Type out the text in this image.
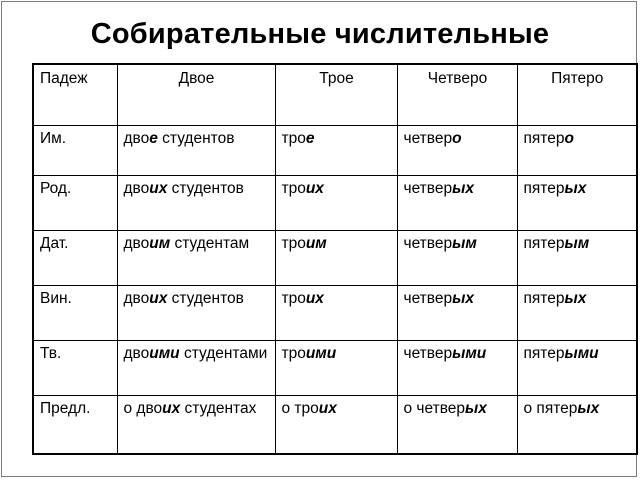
Собирательные числительные
Падеж	Двое	Трое	Четверо	Пятеро
Им.	двое студентов	трое	четверо	пятеро
Род.	двоих студентов	троих	четверых	пятерых
Дат.	двоим студентам	троим	четверым	пятерым
Вин.	двоих студентов	троих	четверых	пятерых
Тв.	двоими студентами	троими	четверыми	пятерыми
Предл.	о двоих студентах	о троих	о четверых	о пятерых
